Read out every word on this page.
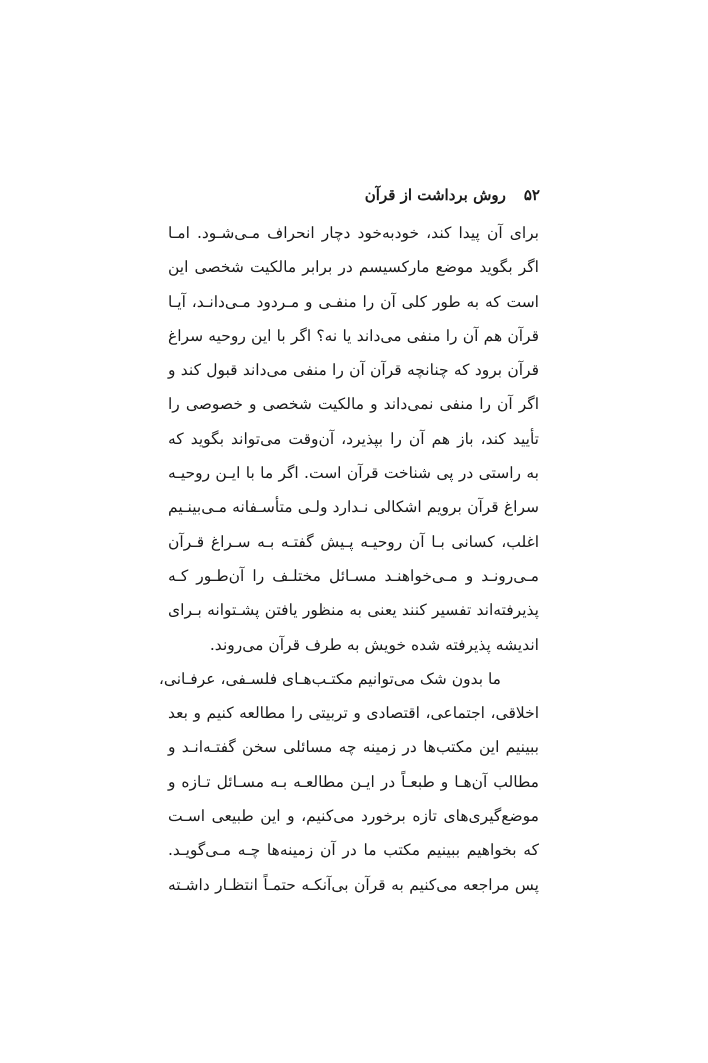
۵۲روش برداشت از قرآن
برای آن پیدا کند، خودبه‌خود دچار انحراف مـی‌شـود. امـا
اگر بگوید موضع مارکسیسم در برابر مالکیت شخصی این
است که به طور کلی آن را منفـی و مـردود مـی‌دانـد، آیـا
قرآن هم آن را منفی می‌داند یا نه؟ اگر با این روحیه سراغ
قرآن برود که چنانچه قرآن آن را منفی می‌داند قبول کند و
اگر آن را منفی نمی‌داند و مالکیت شخصی و خصوصی را
تأیید کند، باز هم آن را بپذیرد، آن‌وقت می‌تواند بگوید که
به راستی در پی شناخت قرآن است. اگر ما با ایـن روحیـه
سراغ قرآن برویم اشکالی نـدارد ولـی متأسـفانه مـی‌بینـیم
اغلب، کسانی بـا آن روحیـه پـیش گفتـه بـه سـراغ قـرآن
مـی‌رونـد و مـی‌خواهنـد مسـائل مختلـف را آن‌طـور کـه
پذیرفته‌اند تفسیر کنند یعنی به منظور یافتن پشـتوانه بـرای
اندیشه پذیرفته شده خویش به طرف قرآن می‌روند.
ما بدون شک می‌توانیم مکتـب‌هـای فلسـفی، عرفـانی،
اخلاقی، اجتماعی، اقتصادی و تربیتی را مطالعه کنیم و بعد
ببینیم این مکتب‌ها در زمینه چه مسائلی سخن گفتـه‌انـد و
مطالب آن‌هـا و طبعـاً در ایـن مطالعـه بـه مسـائل تـازه و
موضع‌گیری‌های تازه برخورد می‌کنیم، و این طبیعی اسـت
که بخواهیم ببینیم مکتب ما در آن زمینه‌ها چـه مـی‌گویـد.
پس مراجعه می‌کنیم به قرآن بی‌آنکـه حتمـاً انتظـار داشـته
